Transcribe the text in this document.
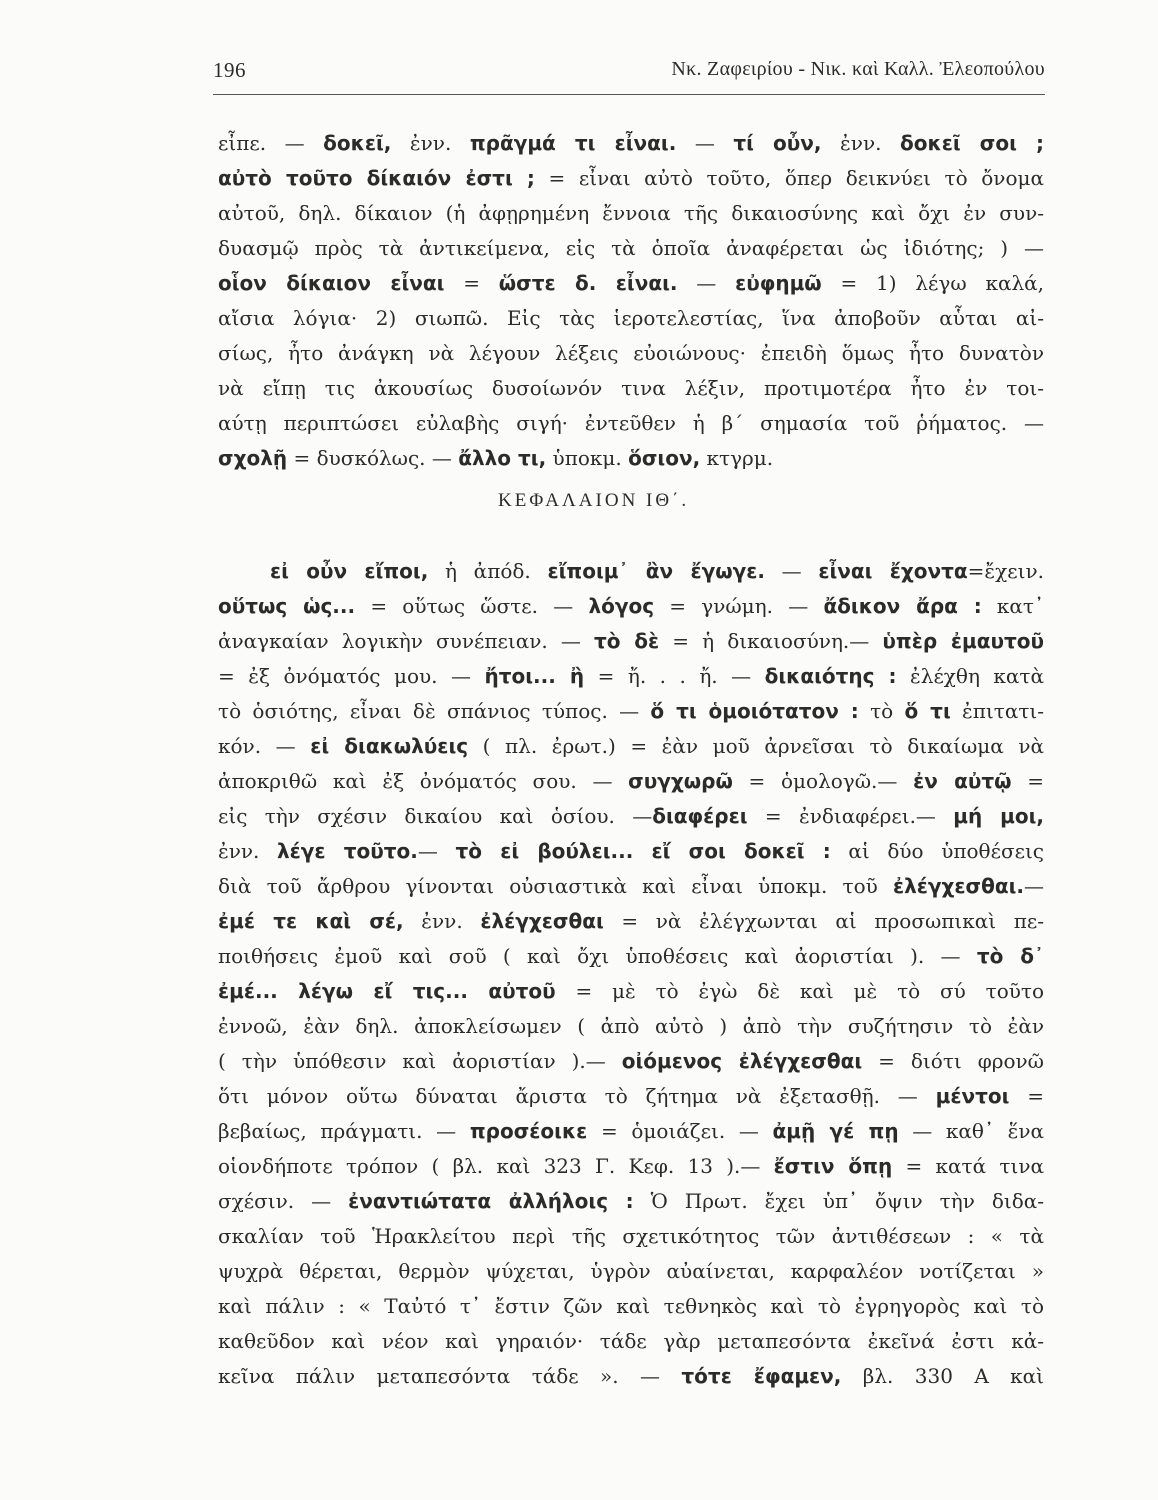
196	Νκ. Ζαφειρίου - Νικ. καὶ Καλλ. Ἐλεοπούλου
εἶπε. — δοκεῖ, ἐνν. πρᾶγμά τι εἶναι. — τί οὖν, ἐνν. δοκεῖ σοι ;
αὐτὸ τοῦτο δίκαιόν ἐστι ; = εἶναι αὐτὸ τοῦτο, ὅπερ δεικνύει τὸ ὄνομα
αὐτοῦ, δηλ. δίκαιον (ἡ ἀφῃρημένη ἔννοια τῆς δικαιοσύνης καὶ ὄχι ἐν συν-
δυασμῷ πρὸς τὰ ἀντικείμενα, εἰς τὰ ὁποῖα ἀναφέρεται ὡς ἰδιότης; ) —
οἷον δίκαιον εἶναι = ὥστε δ. εἶναι. — εὐφημῶ = 1) λέγω καλά,
αἴσια λόγια· 2) σιωπῶ. Εἰς τὰς ἱεροτελεστίας, ἵνα ἀποβοῦν αὗται αἰ-
σίως, ἦτο ἀνάγκη νὰ λέγουν λέξεις εὐοιώνους· ἐπειδὴ ὅμως ἦτο δυνατὸν
νὰ εἴπῃ τις ἀκουσίως δυσοίωνόν τινα λέξιν, προτιμοτέρα ἦτο ἐν τοι-
αύτῃ περιπτώσει εὐλαβὴς σιγή· ἐντεῦθεν ἡ β΄ σημασία τοῦ ῥήματος. —
σχολῇ = δυσκόλως. — ἄλλο τι, ὑποκμ. ὅσιον, κτγρμ.
ΚΕΦΑΛΑΙΟΝ ΙΘ΄.
εἰ οὖν εἴποι, ἡ ἀπόδ. εἴποιμ᾽ ἂν ἔγωγε. — εἶναι ἔχοντα=ἔχειν.
οὕτως ὡς... = οὕτως ὥστε. — λόγος = γνώμη. — ἄδικον ἄρα : κατ᾽
ἀναγκαίαν λογικὴν συνέπειαν. — τὸ δὲ = ἡ δικαιοσύνη.— ὑπὲρ ἐμαυτοῦ
= ἐξ ὀνόματός μου. — ἤτοι... ἢ = ἤ. . . ἤ. — δικαιότης : ἐλέχθη κατὰ
τὸ ὁσιότης, εἶναι δὲ σπάνιος τύπος. — ὅ τι ὁμοιότατον : τὸ ὅ τι ἐπιτατι-
κόν. — εἰ διακωλύεις ( πλ. ἐρωτ.) = ἐὰν μοῦ ἀρνεῖσαι τὸ δικαίωμα νὰ
ἀποκριθῶ καὶ ἐξ ὀνόματός σου. — συγχωρῶ = ὁμολογῶ.— ἐν αὐτῷ =
εἰς τὴν σχέσιν δικαίου καὶ ὁσίου. —διαφέρει = ἐνδιαφέρει.— μή μοι,
ἐνν. λέγε τοῦτο.— τὸ εἰ βούλει... εἴ σοι δοκεῖ : αἱ δύο ὑποθέσεις
διὰ τοῦ ἄρθρου γίνονται οὐσιαστικὰ καὶ εἶναι ὑποκμ. τοῦ ἐλέγχεσθαι.—
ἐμέ τε καὶ σέ, ἐνν. ἐλέγχεσθαι = νὰ ἐλέγχωνται αἱ προσωπικαὶ πε-
ποιθήσεις ἐμοῦ καὶ σοῦ ( καὶ ὄχι ὑποθέσεις καὶ ἀοριστίαι ). — τὸ δ᾽
ἐμέ... λέγω εἴ τις... αὐτοῦ = μὲ τὸ ἐγὼ δὲ καὶ μὲ τὸ σύ τοῦτο
ἐννοῶ, ἐὰν δηλ. ἀποκλείσωμεν ( ἀπὸ αὐτὸ ) ἀπὸ τὴν συζήτησιν τὸ ἐὰν
( τὴν ὑπόθεσιν καὶ ἀοριστίαν ).— οἰόμενος ἐλέγχεσθαι = διότι φρονῶ
ὅτι μόνον οὕτω δύναται ἄριστα τὸ ζήτημα νὰ ἐξετασθῇ. — μέντοι =
βεβαίως, πράγματι. — προσέοικε = ὁμοιάζει. — ἀμῇ γέ πῃ — καθ᾽ ἕνα
οἱονδήποτε τρόπον ( βλ. καὶ 323 Γ. Κεφ. 13 ).— ἔστιν ὅπῃ = κατά τινα
σχέσιν. — ἐναντιώτατα ἀλλήλοις : Ὁ Πρωτ. ἔχει ὑπ᾽ ὄψιν τὴν διδα-
σκαλίαν τοῦ Ἡρακλείτου περὶ τῆς σχετικότητος τῶν ἀντιθέσεων : « τὰ
ψυχρὰ θέρεται, θερμὸν ψύχεται, ὑγρὸν αὐαίνεται, καρφαλέον νοτίζεται »
καὶ πάλιν : « Ταὐτό τ᾽ ἔστιν ζῶν καὶ τεθνηκὸς καὶ τὸ ἐγρηγορὸς καὶ τὸ
καθεῦδον καὶ νέον καὶ γηραιόν· τάδε γὰρ μεταπεσόντα ἐκεῖνά ἐστι κἀ-
κεῖνα πάλιν μεταπεσόντα τάδε ». — τότε ἔφαμεν, βλ. 330 Α καὶ
